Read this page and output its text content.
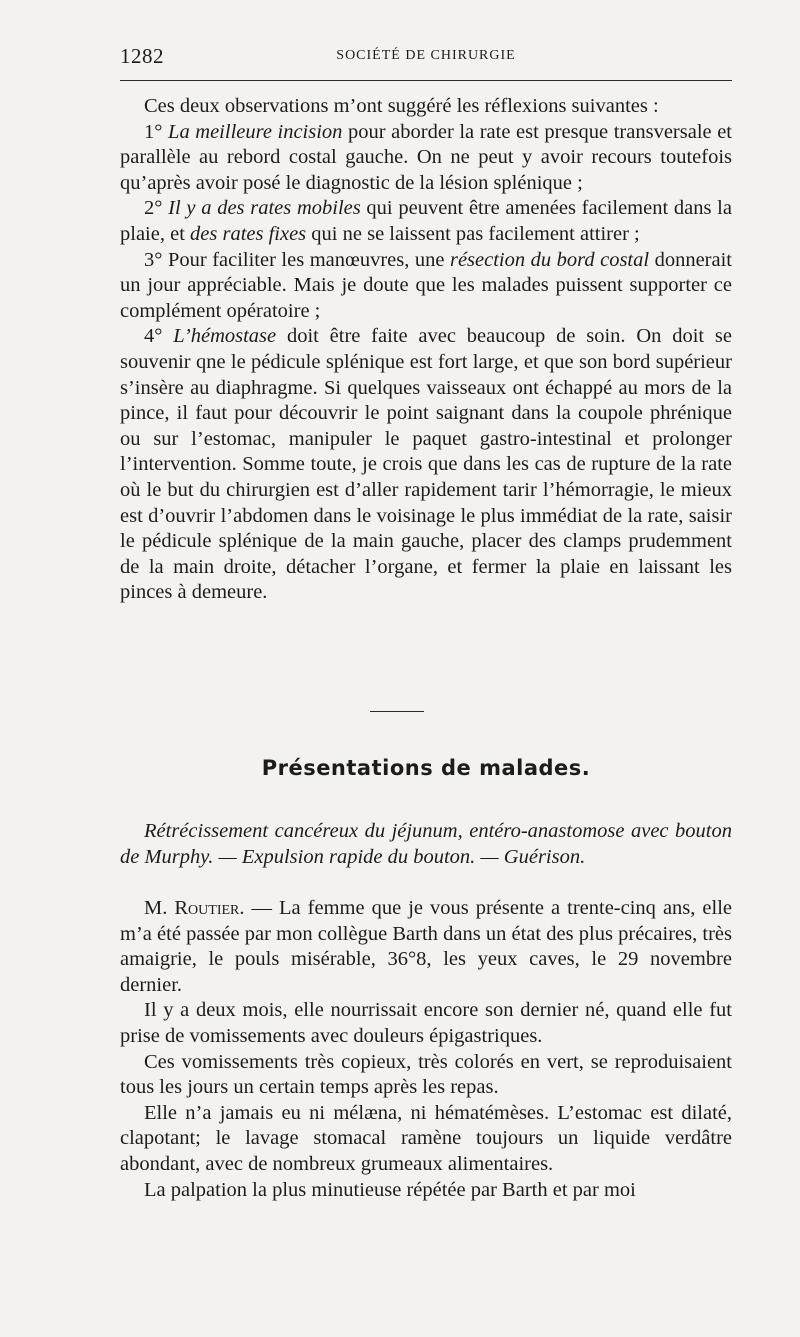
1282	SOCIÉTÉ DE CHIRURGIE

Ces deux observations m’ont suggéré les réflexions suivantes :

1° La meilleure incision pour aborder la rate est presque transversale et parallèle au rebord costal gauche. On ne peut y avoir recours toutefois qu’après avoir posé le diagnostic de la lésion splénique ;

2° Il y a des rates mobiles qui peuvent être amenées facilement dans la plaie, et des rates fixes qui ne se laissent pas facilement attirer ;

3° Pour faciliter les manœuvres, une résection du bord costal donnerait un jour appréciable. Mais je doute que les malades puissent supporter ce complément opératoire ;

4° L’hémostase doit être faite avec beaucoup de soin. On doit se souvenir qne le pédicule splénique est fort large, et que son bord supérieur s’insère au diaphragme. Si quelques vaisseaux ont échappé au mors de la pince, il faut pour découvrir le point saignant dans la coupole phrénique ou sur l’estomac, manipuler le paquet gastro-intestinal et prolonger l’intervention. Somme toute, je crois que dans les cas de rupture de la rate où le but du chirurgien est d’aller rapidement tarir l’hémorragie, le mieux est d’ouvrir l’abdomen dans le voisinage le plus immédiat de la rate, saisir le pédicule splénique de la main gauche, placer des clamps prudemment de la main droite, détacher l’organe, et fermer la plaie en laissant les pinces à demeure.

Présentations de malades.

Rétrécissement cancéreux du jéjunum, entéro-anastomose avec bouton de Murphy. — Expulsion rapide du bouton. — Guérison.

M. Routier. — La femme que je vous présente a trente-cinq ans, elle m’a été passée par mon collègue Barth dans un état des plus précaires, très amaigrie, le pouls misérable, 36°8, les yeux caves, le 29 novembre dernier.

Il y a deux mois, elle nourrissait encore son dernier né, quand elle fut prise de vomissements avec douleurs épigastriques.

Ces vomissements très copieux, très colorés en vert, se reproduisaient tous les jours un certain temps après les repas.

Elle n’a jamais eu ni mélæna, ni hématémèses. L’estomac est dilaté, clapotant; le lavage stomacal ramène toujours un liquide verdâtre abondant, avec de nombreux grumeaux alimentaires.

La palpation la plus minutieuse répétée par Barth et par moi
